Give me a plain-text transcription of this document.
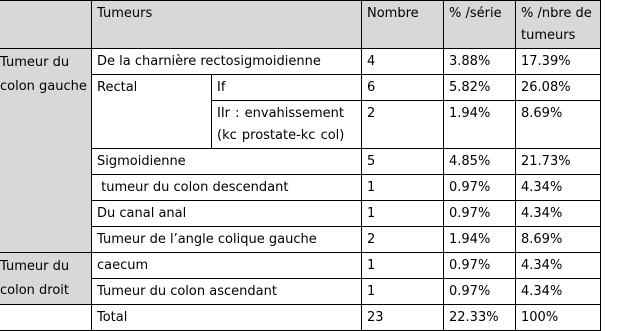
	Tumeurs		Nombre	% /série	% /nbre de tumeurs

Tumeur du colon gauche	De la charnière rectosigmoidienne		4	3.88%	17.39%
	Rectal	If	6	5.82%	26.08%
		IIr : envahissement (kc prostate-kc col)	2	1.94%	8.69%
	Sigmoidienne		5	4.85%	21.73%
	tumeur du colon descendant		1	0.97%	4.34%
	Du canal anal		1	0.97%	4.34%
	Tumeur de l’angle colique gauche		2	1.94%	8.69%

Tumeur du colon droit	caecum		1	0.97%	4.34%
	Tumeur du colon ascendant		1	0.97%	4.34%
	Total		23	22.33%	100%
